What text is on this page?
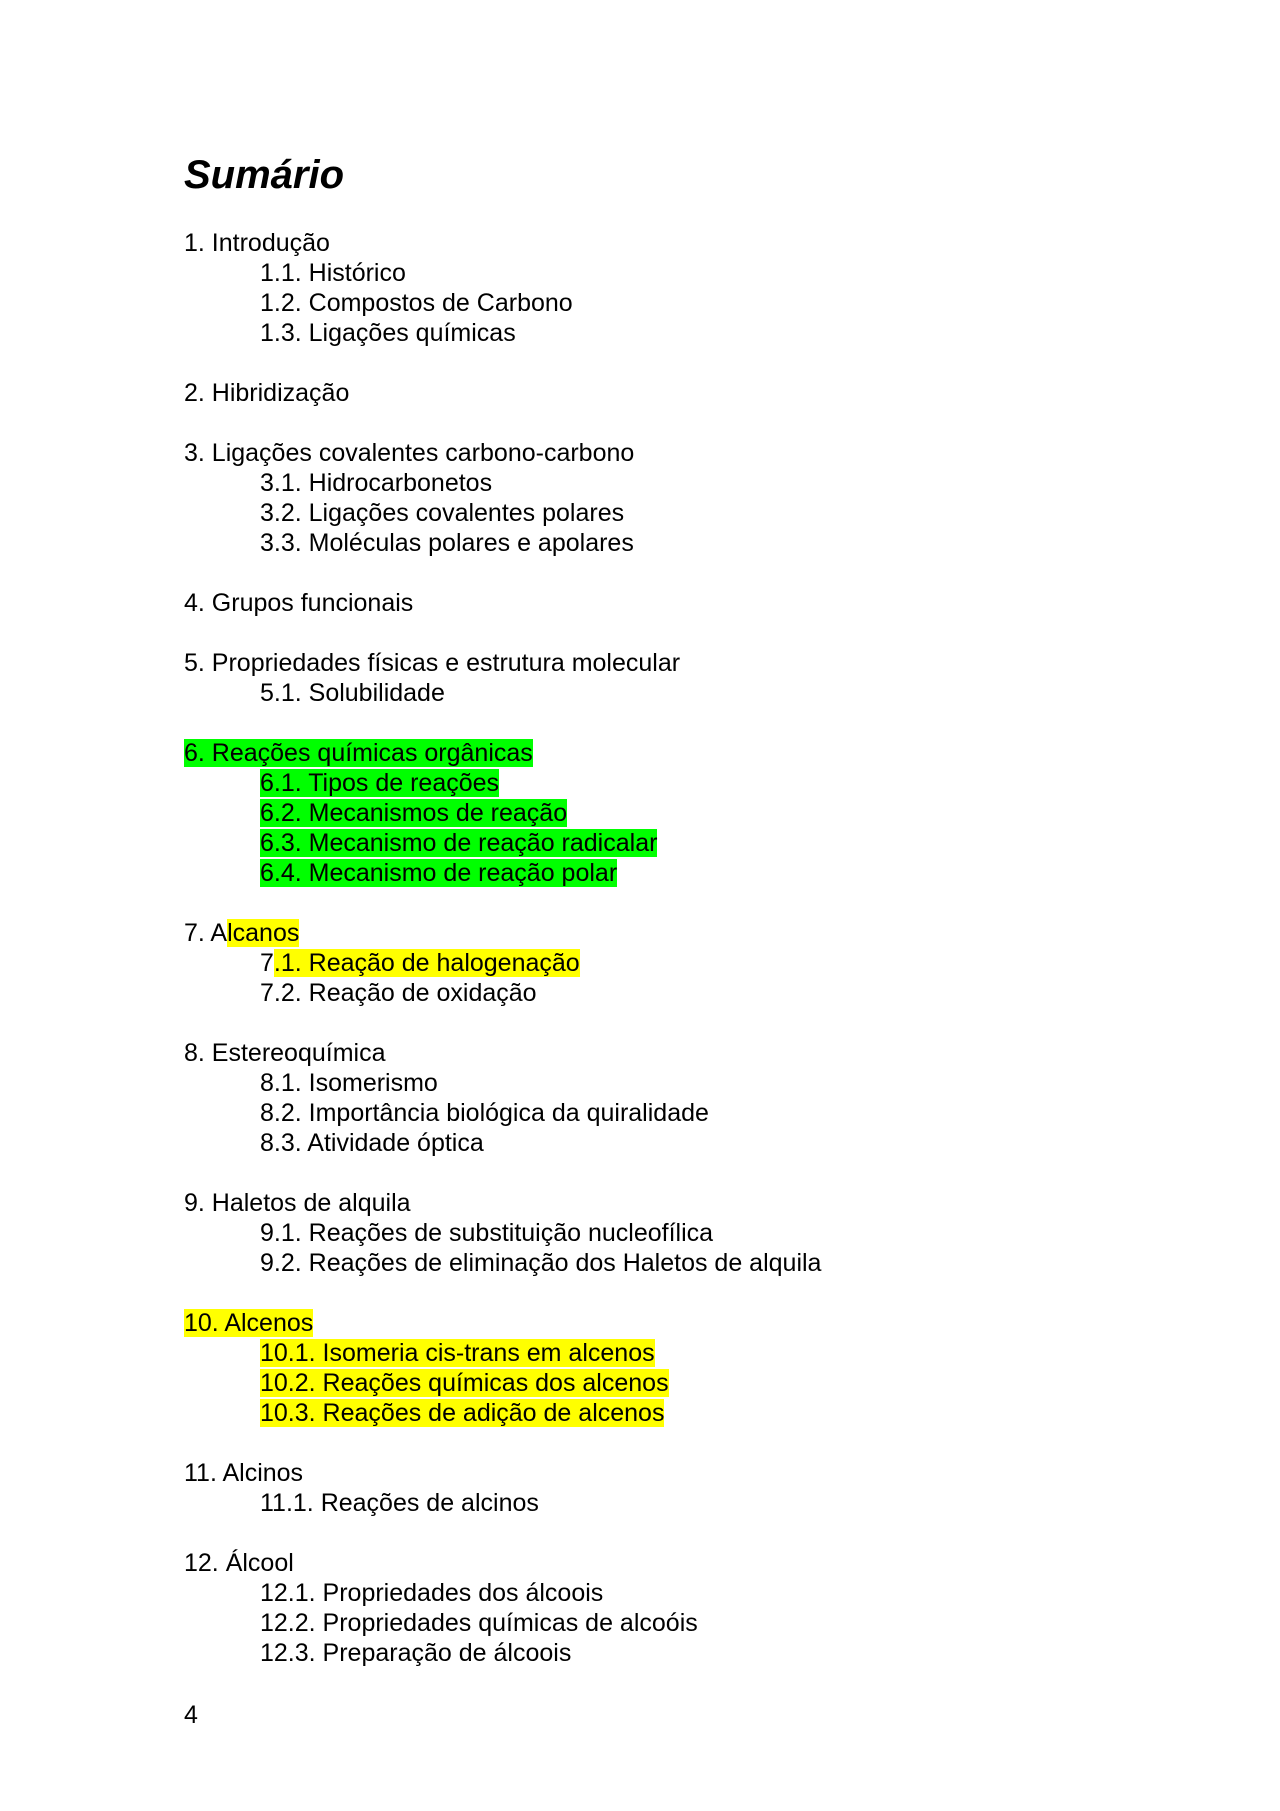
Sumário
1. Introdução
1.1. Histórico
1.2. Compostos de Carbono
1.3. Ligações químicas
2. Hibridização
3. Ligações covalentes carbono-carbono
3.1. Hidrocarbonetos
3.2. Ligações covalentes polares
3.3. Moléculas polares e apolares
4. Grupos funcionais
5. Propriedades físicas e estrutura molecular
5.1. Solubilidade
6. Reações químicas orgânicas
6.1. Tipos de reações
6.2. Mecanismos de reação
6.3. Mecanismo de reação radicalar
6.4. Mecanismo de reação polar
7. Alcanos
7.1. Reação de halogenação
7.2. Reação de oxidação
8. Estereoquímica
8.1. Isomerismo
8.2. Importância biológica da quiralidade
8.3. Atividade óptica
9. Haletos de alquila
9.1. Reações de substituição nucleofílica
9.2. Reações de eliminação dos Haletos de alquila
10. Alcenos
10.1. Isomeria cis-trans em alcenos
10.2. Reações químicas dos alcenos
10.3. Reações de adição de alcenos
11. Alcinos
11.1. Reações de alcinos
12. Álcool
12.1. Propriedades dos álcoois
12.2. Propriedades químicas de alcoóis
12.3. Preparação de álcoois
4
